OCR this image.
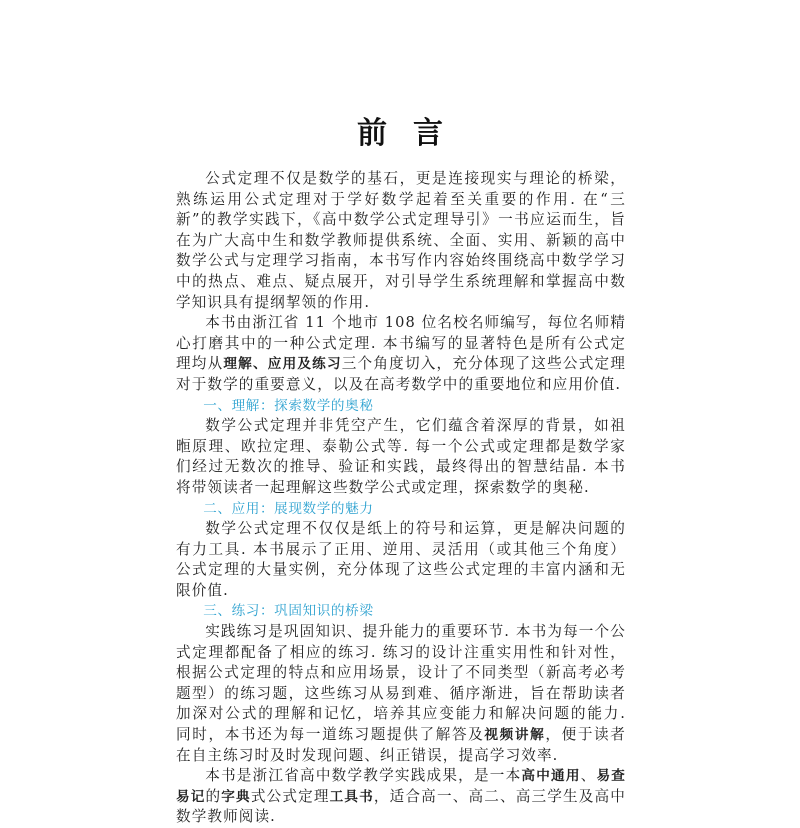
前言

公式定理不仅是数学的基石，更是连接现实与理论的桥梁，熟练运用公式定理对于学好数学起着至关重要的作用. 在“三新”的教学实践下，《高中数学公式定理导引》一书应运而生，旨在为广大高中生和数学教师提供系统、全面、实用、新颖的高中数学公式与定理学习指南，本书写作内容始终围绕高中数学学习中的热点、难点、疑点展开，对引导学生系统理解和掌握高中数学知识具有提纲挈领的作用.

本书由浙江省 11 个地市 108 位名校名师编写，每位名师精心打磨其中的一种公式定理. 本书编写的显著特色是所有公式定理均从理解、应用及练习三个角度切入，充分体现了这些公式定理对于数学的重要意义，以及在高考数学中的重要地位和应用价值.

一、理解：探索数学的奥秘

数学公式定理并非凭空产生，它们蕴含着深厚的背景，如祖暅原理、欧拉定理、泰勒公式等. 每一个公式或定理都是数学家们经过无数次的推导、验证和实践，最终得出的智慧结晶. 本书将带领读者一起理解这些数学公式或定理，探索数学的奥秘.

二、应用：展现数学的魅力

数学公式定理不仅仅是纸上的符号和运算，更是解决问题的有力工具. 本书展示了正用、逆用、灵活用（或其他三个角度）公式定理的大量实例，充分体现了这些公式定理的丰富内涵和无限价值.

三、练习：巩固知识的桥梁

实践练习是巩固知识、提升能力的重要环节. 本书为每一个公式定理都配备了相应的练习. 练习的设计注重实用性和针对性，根据公式定理的特点和应用场景，设计了不同类型（新高考必考题型）的练习题，这些练习从易到难、循序渐进，旨在帮助读者加深对公式的理解和记忆，培养其应变能力和解决问题的能力. 同时，本书还为每一道练习题提供了解答及视频讲解，便于读者在自主练习时及时发现问题、纠正错误，提高学习效率.

本书是浙江省高中数学教学实践成果，是一本高中通用、易查易记的字典式公式定理工具书，适合高一、高二、高三学生及高中数学教师阅读.
